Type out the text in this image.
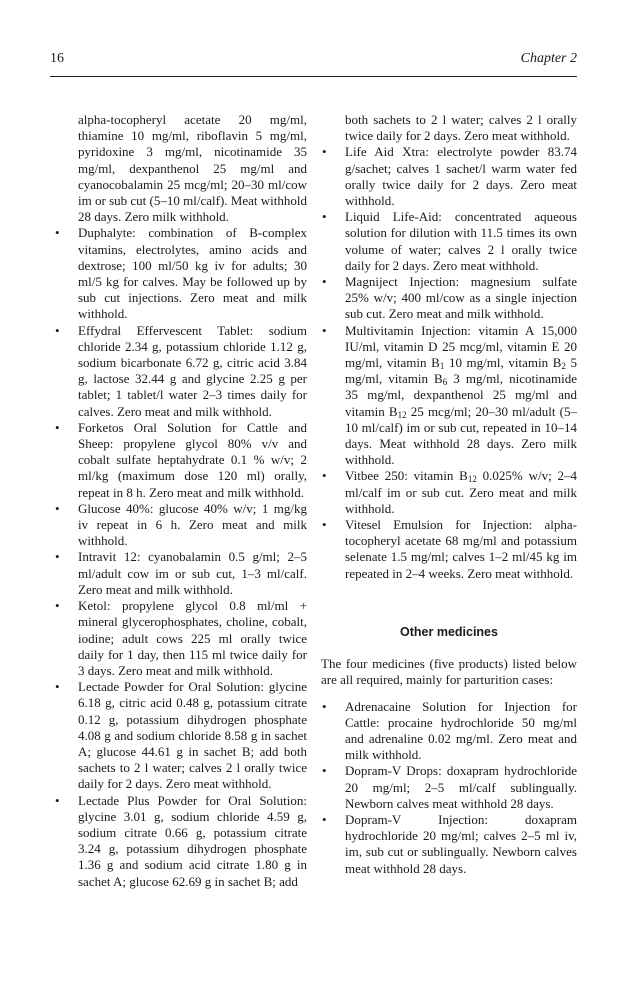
16	Chapter 2

alpha-tocopheryl acetate 20 mg/ml, thiamine 10 mg/ml, riboflavin 5 mg/ml, pyridoxine 3 mg/ml, nicotinamide 35 mg/ml, dexpanthenol 25 mg/ml and cyanocobalamin 25 mcg/ml; 20–30 ml/cow im or sub cut (5–10 ml/calf). Meat withhold 28 days. Zero milk withhold.

• Duphalyte: combination of B-complex vitamins, electrolytes, amino acids and dextrose; 100 ml/50 kg iv for adults; 30 ml/5 kg for calves. May be followed up by sub cut injections. Zero meat and milk withhold.
• Effydral Effervescent Tablet: sodium chloride 2.34 g, potassium chloride 1.12 g, sodium bicarbonate 6.72 g, citric acid 3.84 g, lactose 32.44 g and glycine 2.25 g per tablet; 1 tablet/l water 2–3 times daily for calves. Zero meat and milk withhold.
• Forketos Oral Solution for Cattle and Sheep: propylene glycol 80% v/v and cobalt sulfate heptahydrate 0.1 % w/v; 2 ml/kg (maximum dose 120 ml) orally, repeat in 8 h. Zero meat and milk withhold.
• Glucose 40%: glucose 40% w/v; 1 mg/kg iv repeat in 6 h. Zero meat and milk withhold.
• Intravit 12: cyanobalamin 0.5 g/ml; 2–5 ml/adult cow im or sub cut, 1–3 ml/calf. Zero meat and milk withhold.
• Ketol: propylene glycol 0.8 ml/ml + mineral glycerophosphates, choline, cobalt, iodine; adult cows 225 ml orally twice daily for 1 day, then 115 ml twice daily for 3 days. Zero meat and milk withhold.
• Lectade Powder for Oral Solution: glycine 6.18 g, citric acid 0.48 g, potassium citrate 0.12 g, potassium dihydrogen phosphate 4.08 g and sodium chloride 8.58 g in sachet A; glucose 44.61 g in sachet B; add both sachets to 2 l water; calves 2 l orally twice daily for 2 days. Zero meat withhold.
• Lectade Plus Powder for Oral Solution: glycine 3.01 g, sodium chloride 4.59 g, sodium citrate 0.66 g, potassium citrate 3.24 g, potassium dihydrogen phosphate 1.36 g and sodium acid citrate 1.80 g in sachet A; glucose 62.69 g in sachet B; add

both sachets to 2 l water; calves 2 l orally twice daily for 2 days. Zero meat withhold.

• Life Aid Xtra: electrolyte powder 83.74 g/sachet; calves 1 sachet/l warm water fed orally twice daily for 2 days. Zero meat withhold.
• Liquid Life-Aid: concentrated aqueous solution for dilution with 11.5 times its own volume of water; calves 2 l orally twice daily for 2 days. Zero meat withhold.
• Magniject Injection: magnesium sulfate 25% w/v; 400 ml/cow as a single injection sub cut. Zero meat and milk withhold.
• Multivitamin Injection: vitamin A 15,000 IU/ml, vitamin D 25 mcg/ml, vitamin E 20 mg/ml, vitamin $B_1$ 10 mg/ml, vitamin $B_2$ 5 mg/ml, vitamin $B_6$ 3 mg/ml, nicotinamide 35 mg/ml, dexpanthenol 25 mg/ml and vitamin $B_{12}$ 25 mcg/ml; 20–30 ml/adult (5–10 ml/calf) im or sub cut, repeated in 10–14 days. Meat withhold 28 days. Zero milk withhold.
• Vitbee 250: vitamin $B_{12}$ 0.025% w/v; 2–4 ml/calf im or sub cut. Zero meat and milk withhold.
• Vitesel Emulsion for Injection: alpha-tocopheryl acetate 68 mg/ml and potassium selenate 1.5 mg/ml; calves 1–2 ml/45 kg im repeated in 2–4 weeks. Zero meat withhold.
Other medicines

The four medicines (five products) listed below are all required, mainly for parturition cases:

• Adrenacaine Solution for Injection for Cattle: procaine hydrochloride 50 mg/ml and adrenaline 0.02 mg/ml. Zero meat and milk withhold.
• Dopram-V Drops: doxapram hydrochloride 20 mg/ml; 2–5 ml/calf sublingually. Newborn calves meat withhold 28 days.
• Dopram-V Injection: doxapram hydrochloride 20 mg/ml; calves 2–5 ml iv, im, sub cut or sublingually. Newborn calves meat withhold 28 days.
